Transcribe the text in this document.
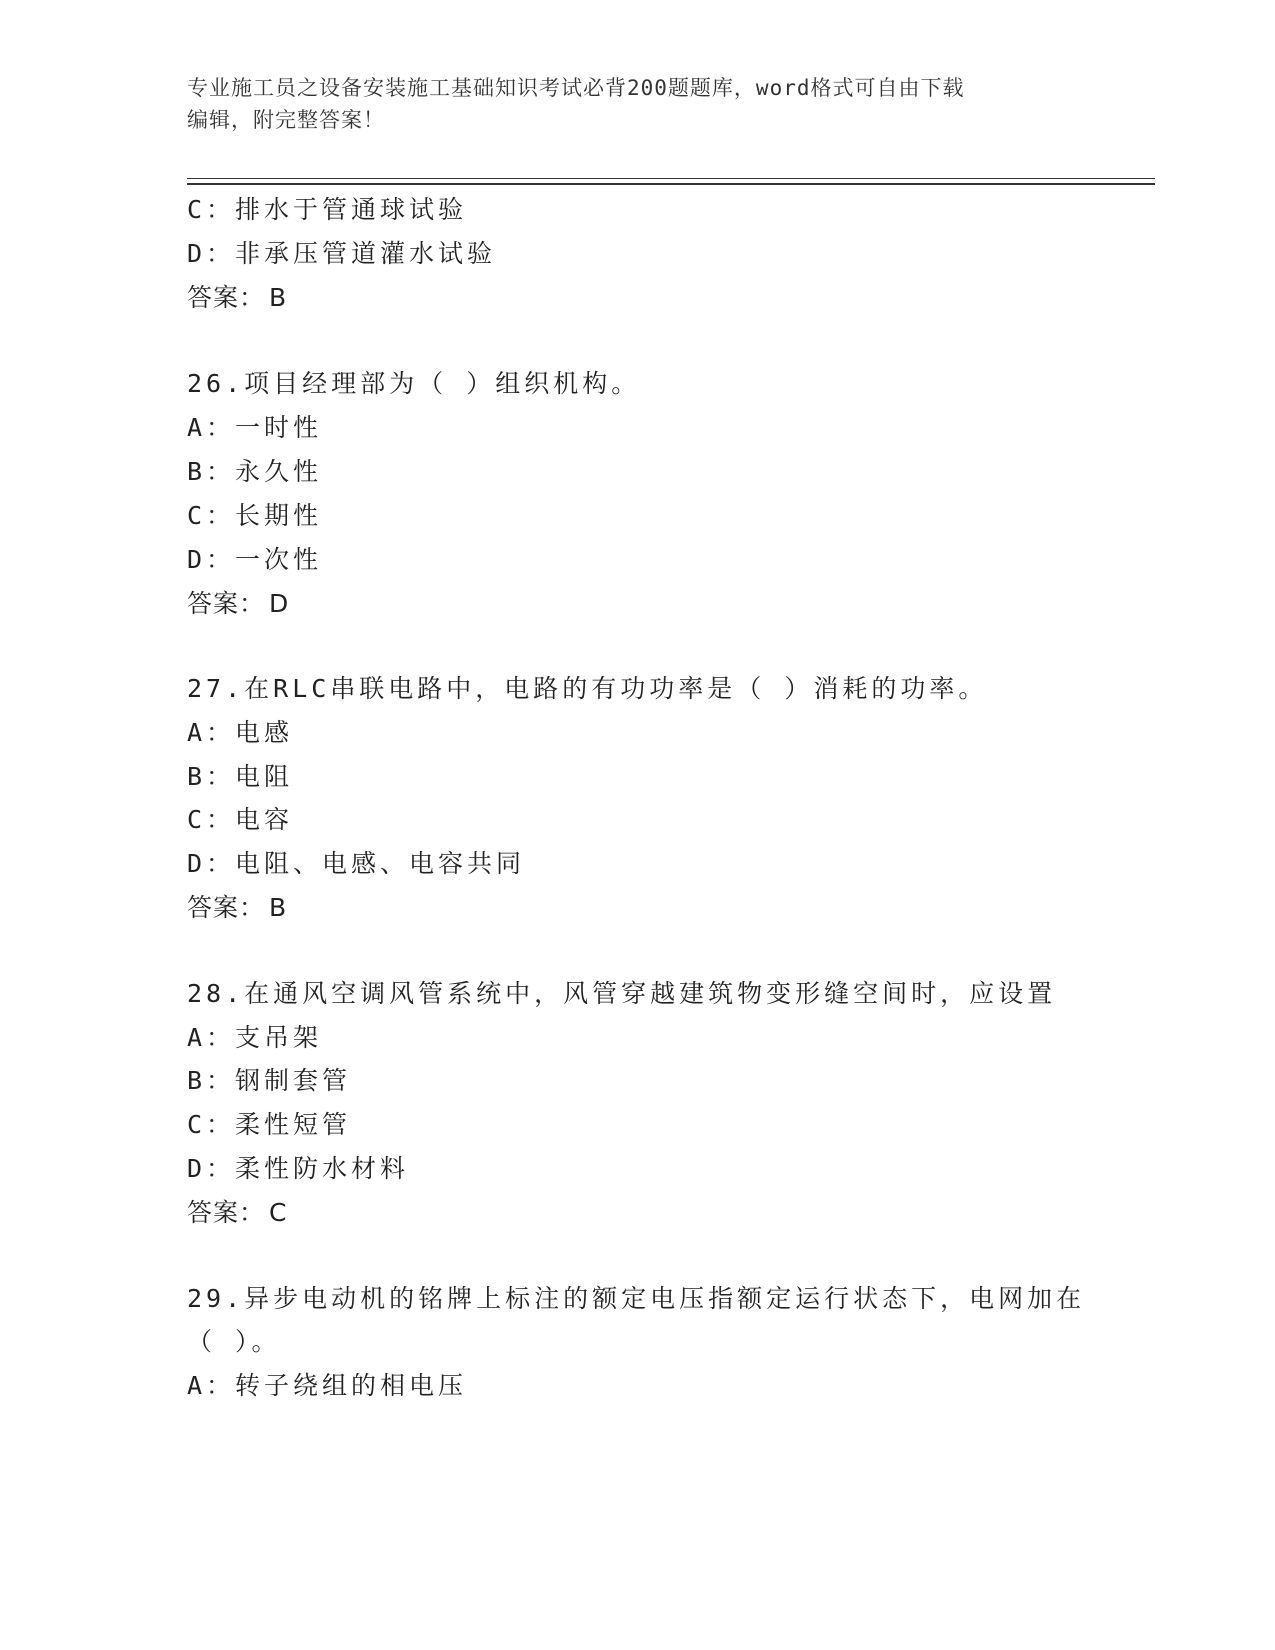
专业施工员之设备安装施工基础知识考试必背200题题库，word格式可自由下载
编辑，附完整答案！
C：排水于管通球试验
D：非承压管道灌水试验
答案： B
26.项目经理部为（ ）组织机构。
A：一时性
B：永久性
C：长期性
D：一次性
答案： D
27.在RLC串联电路中，电路的有功功率是（ ）消耗的功率。
A：电感
B：电阻
C：电容
D：电阻、电感、电容共同
答案： B
28.在通风空调风管系统中，风管穿越建筑物变形缝空间时，应设置
A：支吊架
B：钢制套管
C：柔性短管
D：柔性防水材料
答案： C
29.异步电动机的铭牌上标注的额定电压指额定运行状态下，电网加在
（ ）。
A：转子绕组的相电压
